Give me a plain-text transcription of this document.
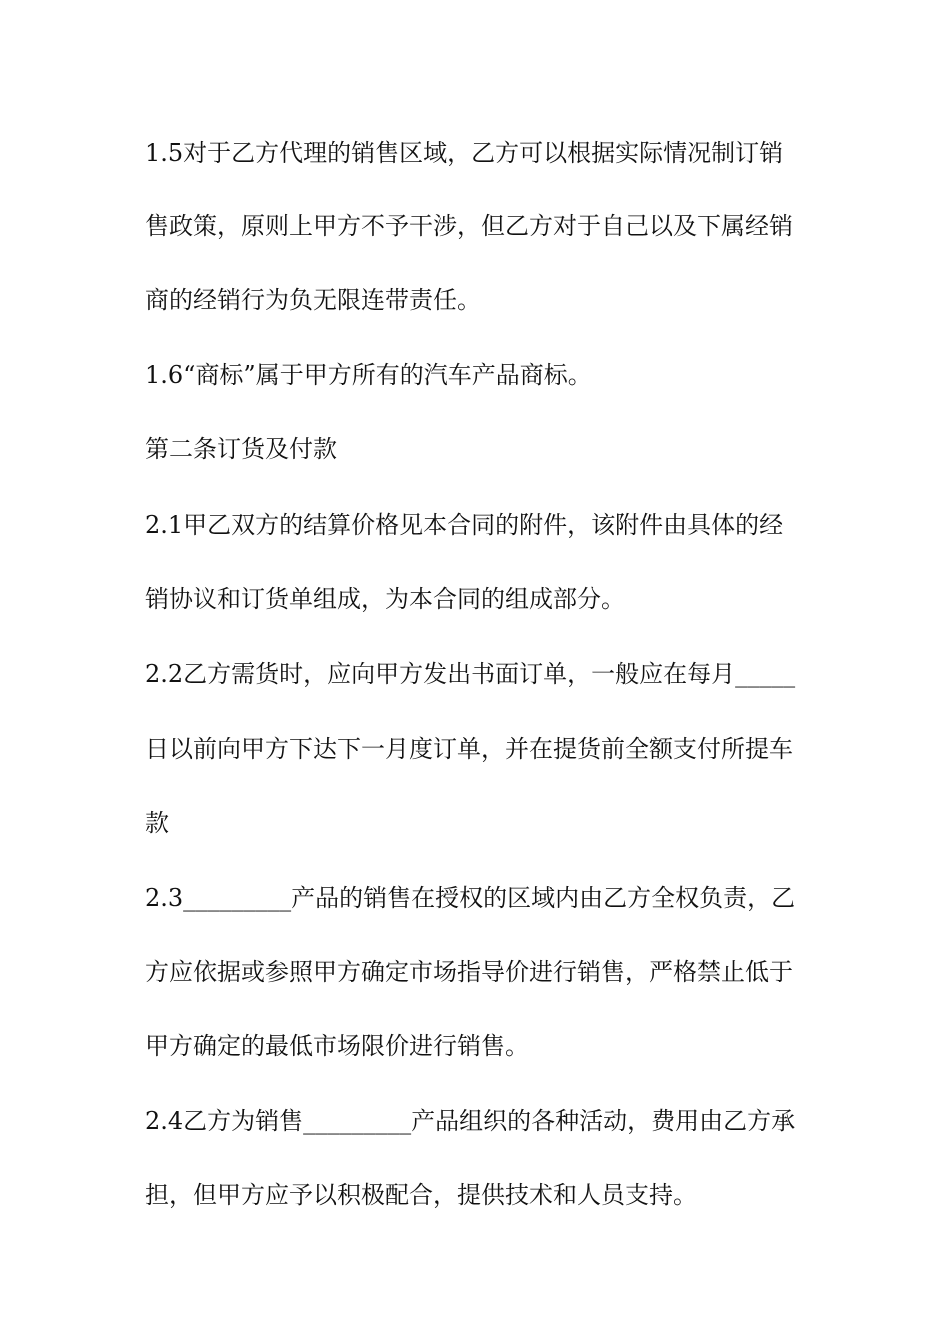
1.5对于乙方代理的销售区域，乙方可以根据实际情况制订销
售政策，原则上甲方不予干涉，但乙方对于自己以及下属经销
商的经销行为负无限连带责任。
1.6“商标”属于甲方所有的汽车产品商标。
第二条订货及付款
2.1甲乙双方的结算价格见本合同的附件，该附件由具体的经
销协议和订货单组成，为本合同的组成部分。
2.2乙方需货时，应向甲方发出书面订单，一般应在每月_____
日以前向甲方下达下一月度订单，并在提货前全额支付所提车
款
2.3_________产品的销售在授权的区域内由乙方全权负责，乙
方应依据或参照甲方确定市场指导价进行销售，严格禁止低于
甲方确定的最低市场限价进行销售。
2.4乙方为销售_________产品组织的各种活动，费用由乙方承
担，但甲方应予以积极配合，提供技术和人员支持。
